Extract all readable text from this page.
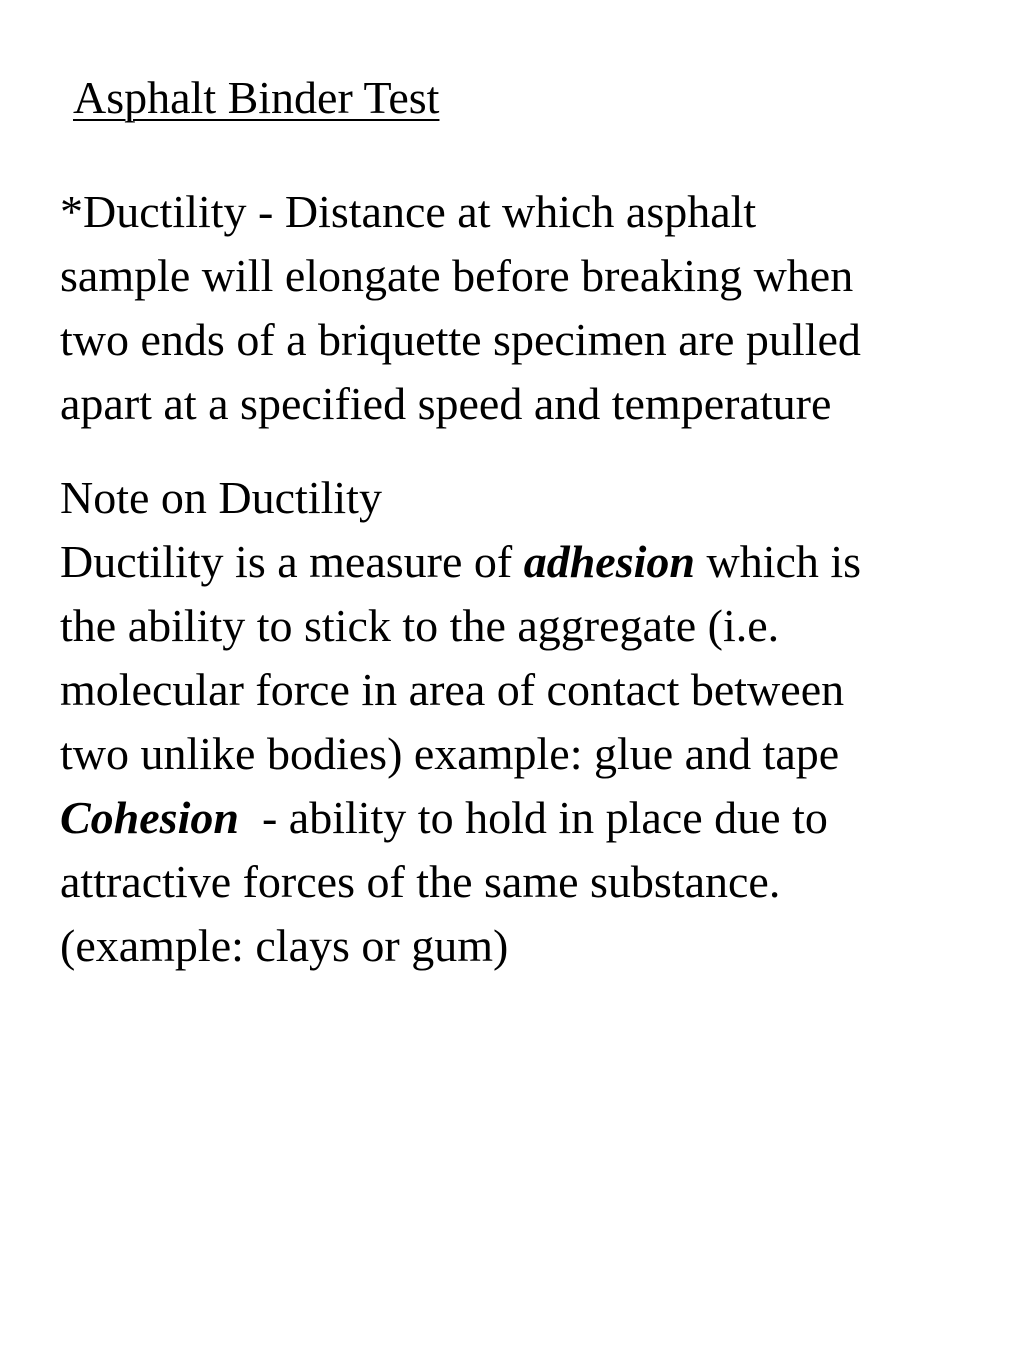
Asphalt Binder Test

*Ductility - Distance at which asphalt
sample will elongate before breaking when
two ends of a briquette specimen are pulled
apart at a specified speed and temperature

Note on Ductility
Ductility is a measure of adhesion which is
the ability to stick to the aggregate (i.e.
molecular force in area of contact between
two unlike bodies) example: glue and tape
Cohesion  - ability to hold in place due to
attractive forces of the same substance.
(example: clays or gum)
